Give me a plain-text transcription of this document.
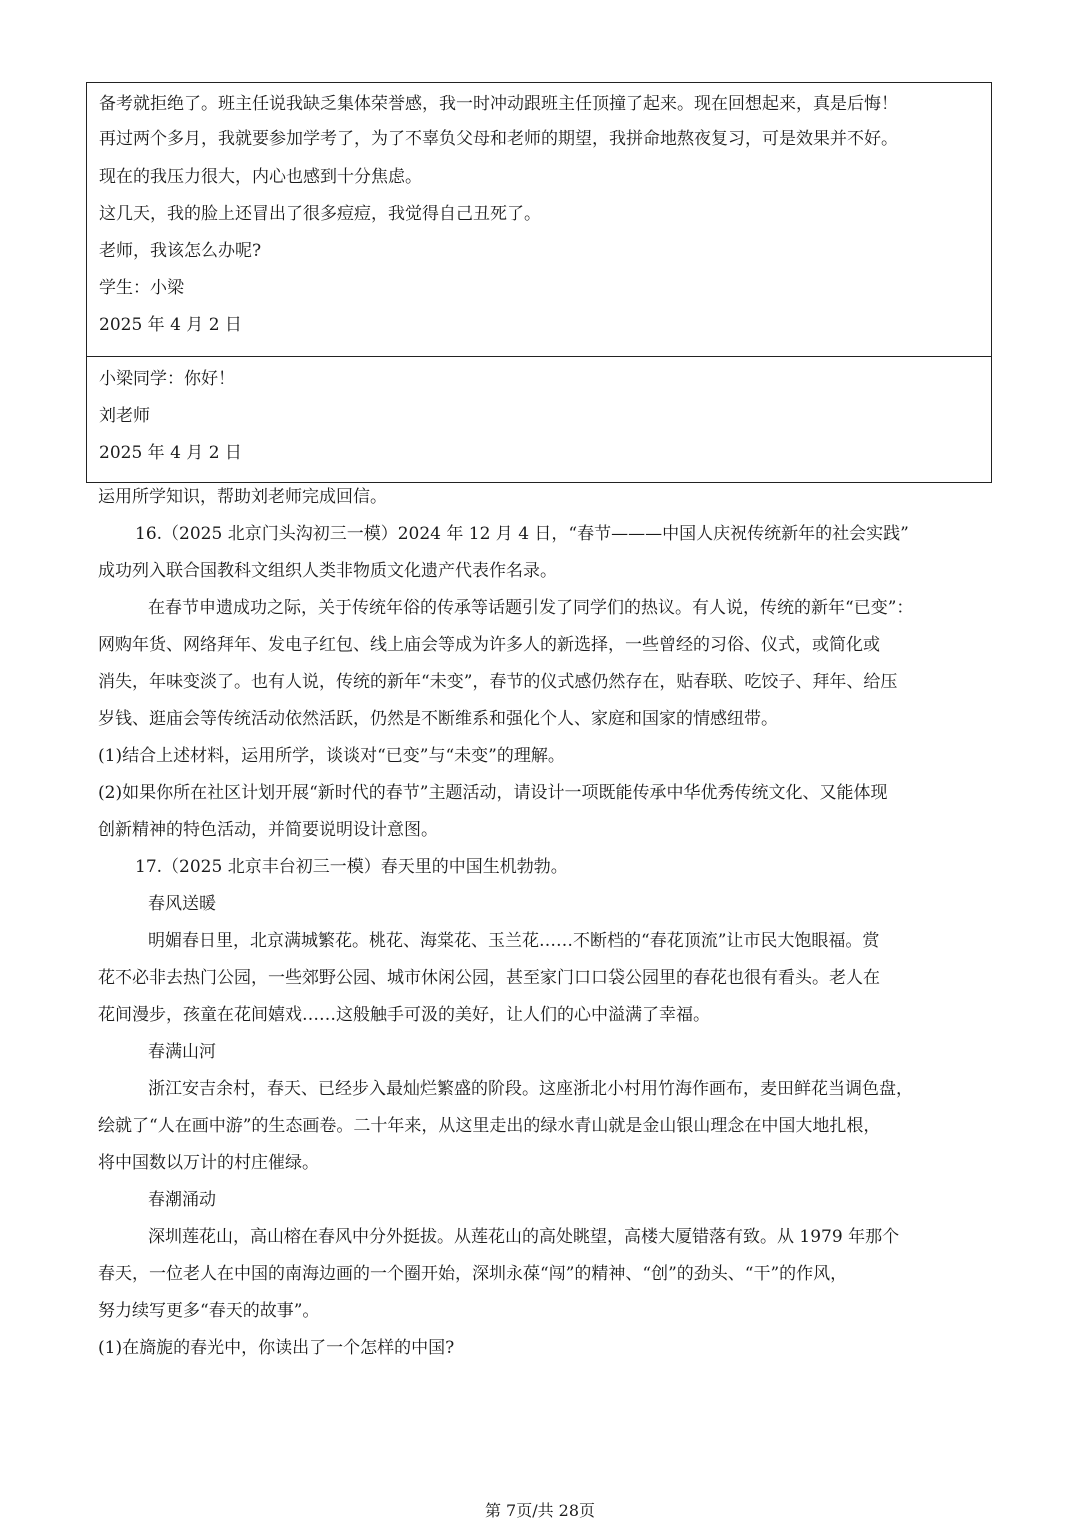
备考就拒绝了。班主任说我缺乏集体荣誉感，我一时冲动跟班主任顶撞了起来。现在回想起来，真是后悔！
再过两个多月，我就要参加学考了，为了不辜负父母和老师的期望，我拼命地熬夜复习，可是效果并不好。
现在的我压力很大，内心也感到十分焦虑。
这几天，我的脸上还冒出了很多痘痘，我觉得自己丑死了。
老师，我该怎么办呢?
学生：小梁
2025 年 4 月 2 日
小梁同学：你好！
刘老师
2025 年 4 月 2 日
运用所学知识，帮助刘老师完成回信。
16.（2025 北京门头沟初三一模）2024 年 12 月 4 日，“春节———中国人庆祝传统新年的社会实践”
成功列入联合国教科文组织人类非物质文化遗产代表作名录。
在春节申遗成功之际，关于传统年俗的传承等话题引发了同学们的热议。有人说，传统的新年“已变”：
网购年货、网络拜年、发电子红包、线上庙会等成为许多人的新选择，一些曾经的习俗、仪式，或简化或
消失，年味变淡了。也有人说，传统的新年“未变”，春节的仪式感仍然存在，贴春联、吃饺子、拜年、给压
岁钱、逛庙会等传统活动依然活跃，仍然是不断维系和强化个人、家庭和国家的情感纽带。
(1)结合上述材料，运用所学，谈谈对“已变”与“未变”的理解。
(2)如果你所在社区计划开展“新时代的春节”主题活动，请设计一项既能传承中华优秀传统文化、又能体现
创新精神的特色活动，并简要说明设计意图。
17.（2025 北京丰台初三一模）春天里的中国生机勃勃。
春风送暖
明媚春日里，北京满城繁花。桃花、海棠花、玉兰花……不断档的“春花顶流”让市民大饱眼福。赏
花不必非去热门公园，一些郊野公园、城市休闲公园，甚至家门口口袋公园里的春花也很有看头。老人在
花间漫步，孩童在花间嬉戏……这般触手可汲的美好，让人们的心中溢满了幸福。
春满山河
浙江安吉余村，春天、已经步入最灿烂繁盛的阶段。这座浙北小村用竹海作画布，麦田鲜花当调色盘，
绘就了“人在画中游”的生态画卷。二十年来，从这里走出的绿水青山就是金山银山理念在中国大地扎根，
将中国数以万计的村庄催绿。
春潮涌动
深圳莲花山，高山榕在春风中分外挺拔。从莲花山的高处眺望，高楼大厦错落有致。从 1979 年那个
春天，一位老人在中国的南海边画的一个圈开始，深圳永葆“闯”的精神、“创”的劲头、“干”的作风，
努力续写更多“春天的故事”。
(1)在旖旎的春光中，你读出了一个怎样的中国?
第 7页/共 28页
